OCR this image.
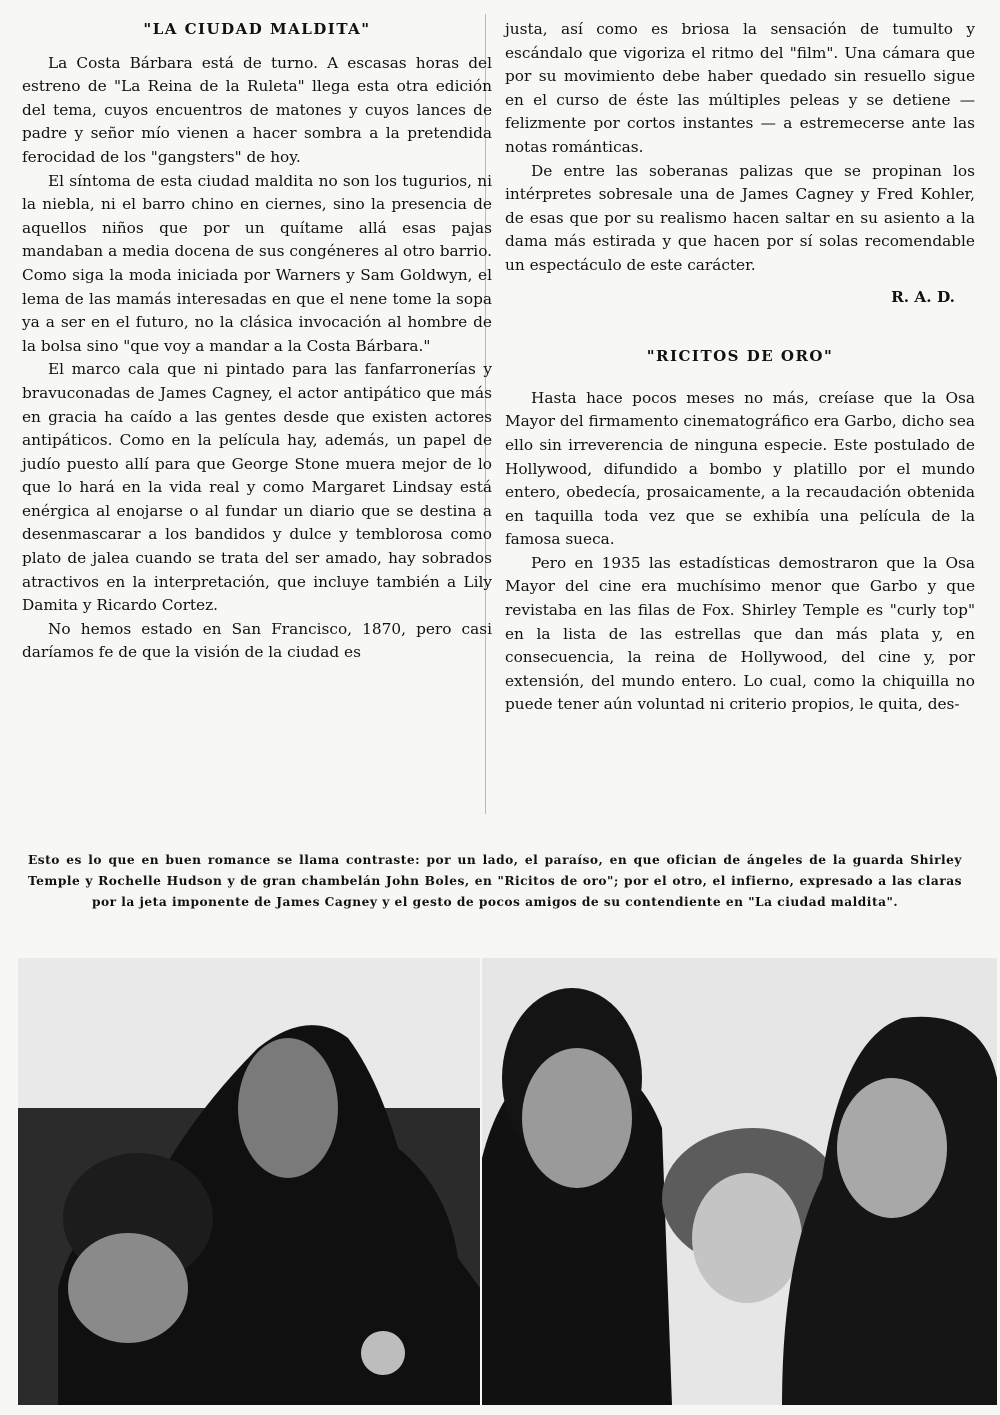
"LA CIUDAD MALDITA"

La Costa Bárbara está de turno. A escasas horas del estreno de "La Reina de la Ruleta" llega esta otra edición del tema, cuyos encuentros de matones y cuyos lances de padre y señor mío vienen a hacer sombra a la pretendida ferocidad de los "gangsters" de hoy.

El síntoma de esta ciudad maldita no son los tugurios, ni la niebla, ni el barro chino en ciernes, sino la presencia de aquellos niños que por un quítame allá esas pajas mandaban a media docena de sus congéneres al otro barrio. Como siga la moda iniciada por Warners y Sam Goldwyn, el lema de las mamás interesadas en que el nene tome la sopa ya a ser en el futuro, no la clásica invocación al hombre de la bolsa sino "que voy a mandar a la Costa Bárbara."

El marco cala que ni pintado para las fanfarronerías y bravuconadas de James Cagney, el actor antipático que más en gracia ha caído a las gentes desde que existen actores antipáticos. Como en la película hay, además, un papel de judío puesto allí para que George Stone muera mejor de lo que lo hará en la vida real y como Margaret Lindsay está enérgica al enojarse o al fundar un diario que se destina a desenmascarar a los bandidos y dulce y temblorosa como plato de jalea cuando se trata del ser amado, hay sobrados atractivos en la interpretación, que incluye también a Lily Damita y Ricardo Cortez.

No hemos estado en San Francisco, 1870, pero casi daríamos fe de que la visión de la ciudad es

justa, así como es briosa la sensación de tumulto y escándalo que vigoriza el ritmo del "film". Una cámara que por su movimiento debe haber quedado sin resuello sigue en el curso de éste las múltiples peleas y se detiene — felizmente por cortos instantes — a estremecerse ante las notas románticas.

De entre las soberanas palizas que se propinan los intérpretes sobresale una de James Cagney y Fred Kohler, de esas que por su realismo hacen saltar en su asiento a la dama más estirada y que hacen por sí solas recomendable un espectáculo de este carácter.

R. A. D.

"RICITOS DE ORO"

Hasta hace pocos meses no más, creíase que la Osa Mayor del firmamento cinematográfico era Garbo, dicho sea ello sin irreverencia de ninguna especie. Este postulado de Hollywood, difundido a bombo y platillo por el mundo entero, obedecía, prosaicamente, a la recaudación obtenida en taquilla toda vez que se exhibía una película de la famosa sueca.

Pero en 1935 las estadísticas demostraron que la Osa Mayor del cine era muchísimo menor que Garbo y que revistaba en las filas de Fox. Shirley Temple es "curly top" en la lista de las estrellas que dan más plata y, en consecuencia, la reina de Hollywood, del cine y, por extensión, del mundo entero. Lo cual, como la chiquilla no puede tener aún voluntad ni criterio propios, le quita, des-

Esto es lo que en buen romance se llama contraste: por un lado, el paraíso, en que ofician de ángeles de la guarda Shirley Temple y Rochelle Hudson y de gran chambelán John Boles, en "Ricitos de oro"; por el otro, el infierno, expresado a las claras por la jeta imponente de James Cagney y el gesto de pocos amigos de su contendiente en "La ciudad maldita".
